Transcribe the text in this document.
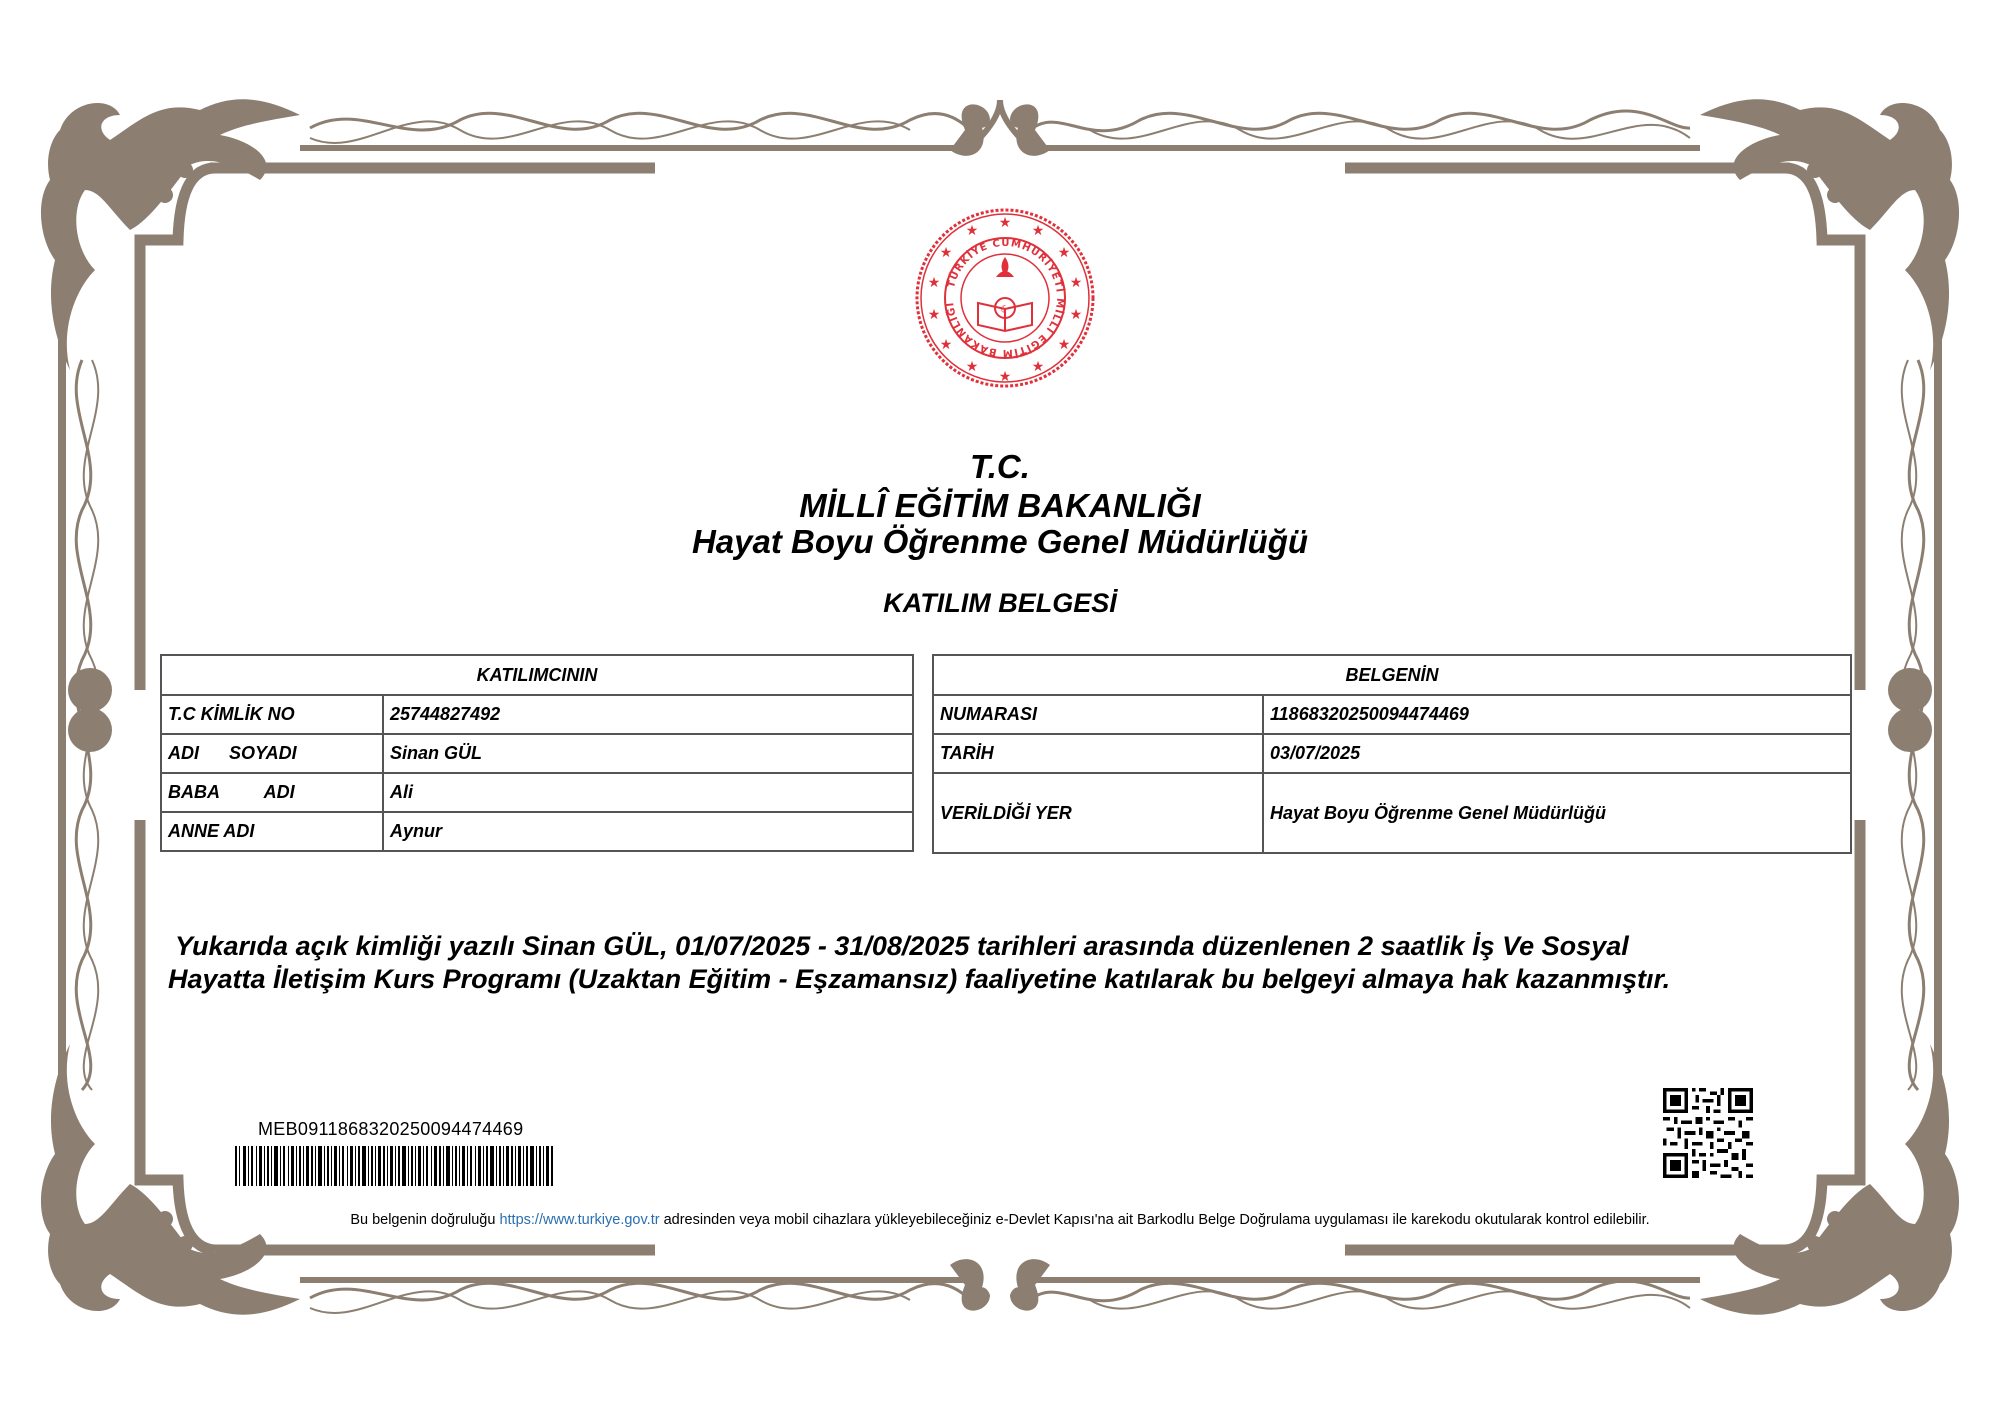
★
★	★
★	★
★	★
★	★
★	★
★	★
★
TÜRKİYE CUMHURİYETİ MİLLİ EĞİTİM BAKANLIĞI	☾
T.C.
MİLLÎ EĞİTİM BAKANLIĞI
Hayat Boyu Öğrenme Genel Müdürlüğü
KATILIM BELGESİ
KATILIMCININ	
T.C KİMLİK NO	25744827492
ADI      SOYADI	Sinan GÜL
BABA         ADI	Ali
ANNE ADI	Aynur
BELGENİN	
NUMARASI	11868320250094474469
TARİH	03/07/2025
VERİLDİĞİ YER	Hayat Boyu Öğrenme Genel Müdürlüğü
Yukarıda açık kimliği yazılı Sinan GÜL, 01/07/2025 - 31/08/2025 tarihleri arasında düzenlenen 2 saatlik İş Ve Sosyal
Hayatta İletişim Kurs Programı (Uzaktan Eğitim - Eşzamansız) faaliyetine katılarak bu belgeyi almaya hak kazanmıştır.
MEB0911868320250094474469
Bu belgenin doğruluğu https://www.turkiye.gov.tr adresinden veya mobil cihazlara yükleyebileceğiniz e-Devlet Kapısı'na ait Barkodlu Belge Doğrulama uygulaması ile karekodu okutularak kontrol edilebilir.
